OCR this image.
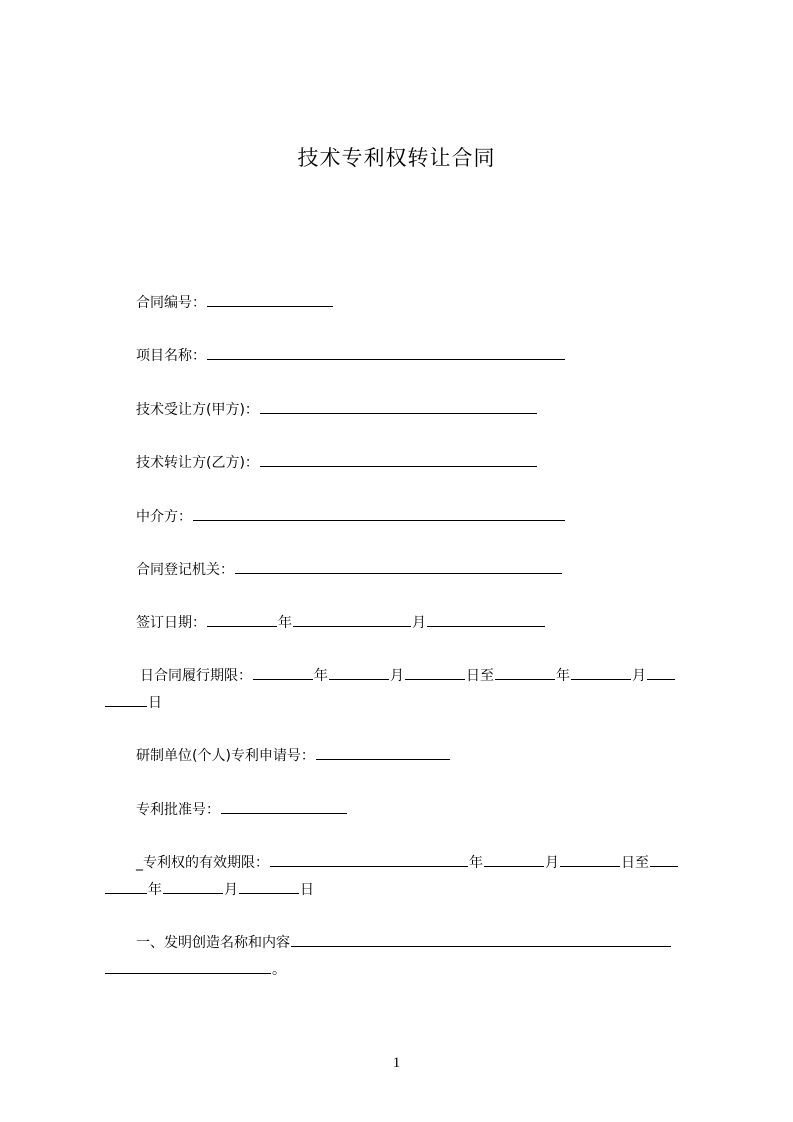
技术专利权转让合同
合同编号：
项目名称：
技术受让方(甲方)：
技术转让方(乙方)：
中介方：
合同登记机关：
签订日期：	年	月
日合同履行期限：	年	月	日至	年	月
日
研制单位(个人)专利申请号：
专利批准号：
_专利权的有效期限：	年	月	日至
年	月	日
一、发明创造名称和内容
。
1
